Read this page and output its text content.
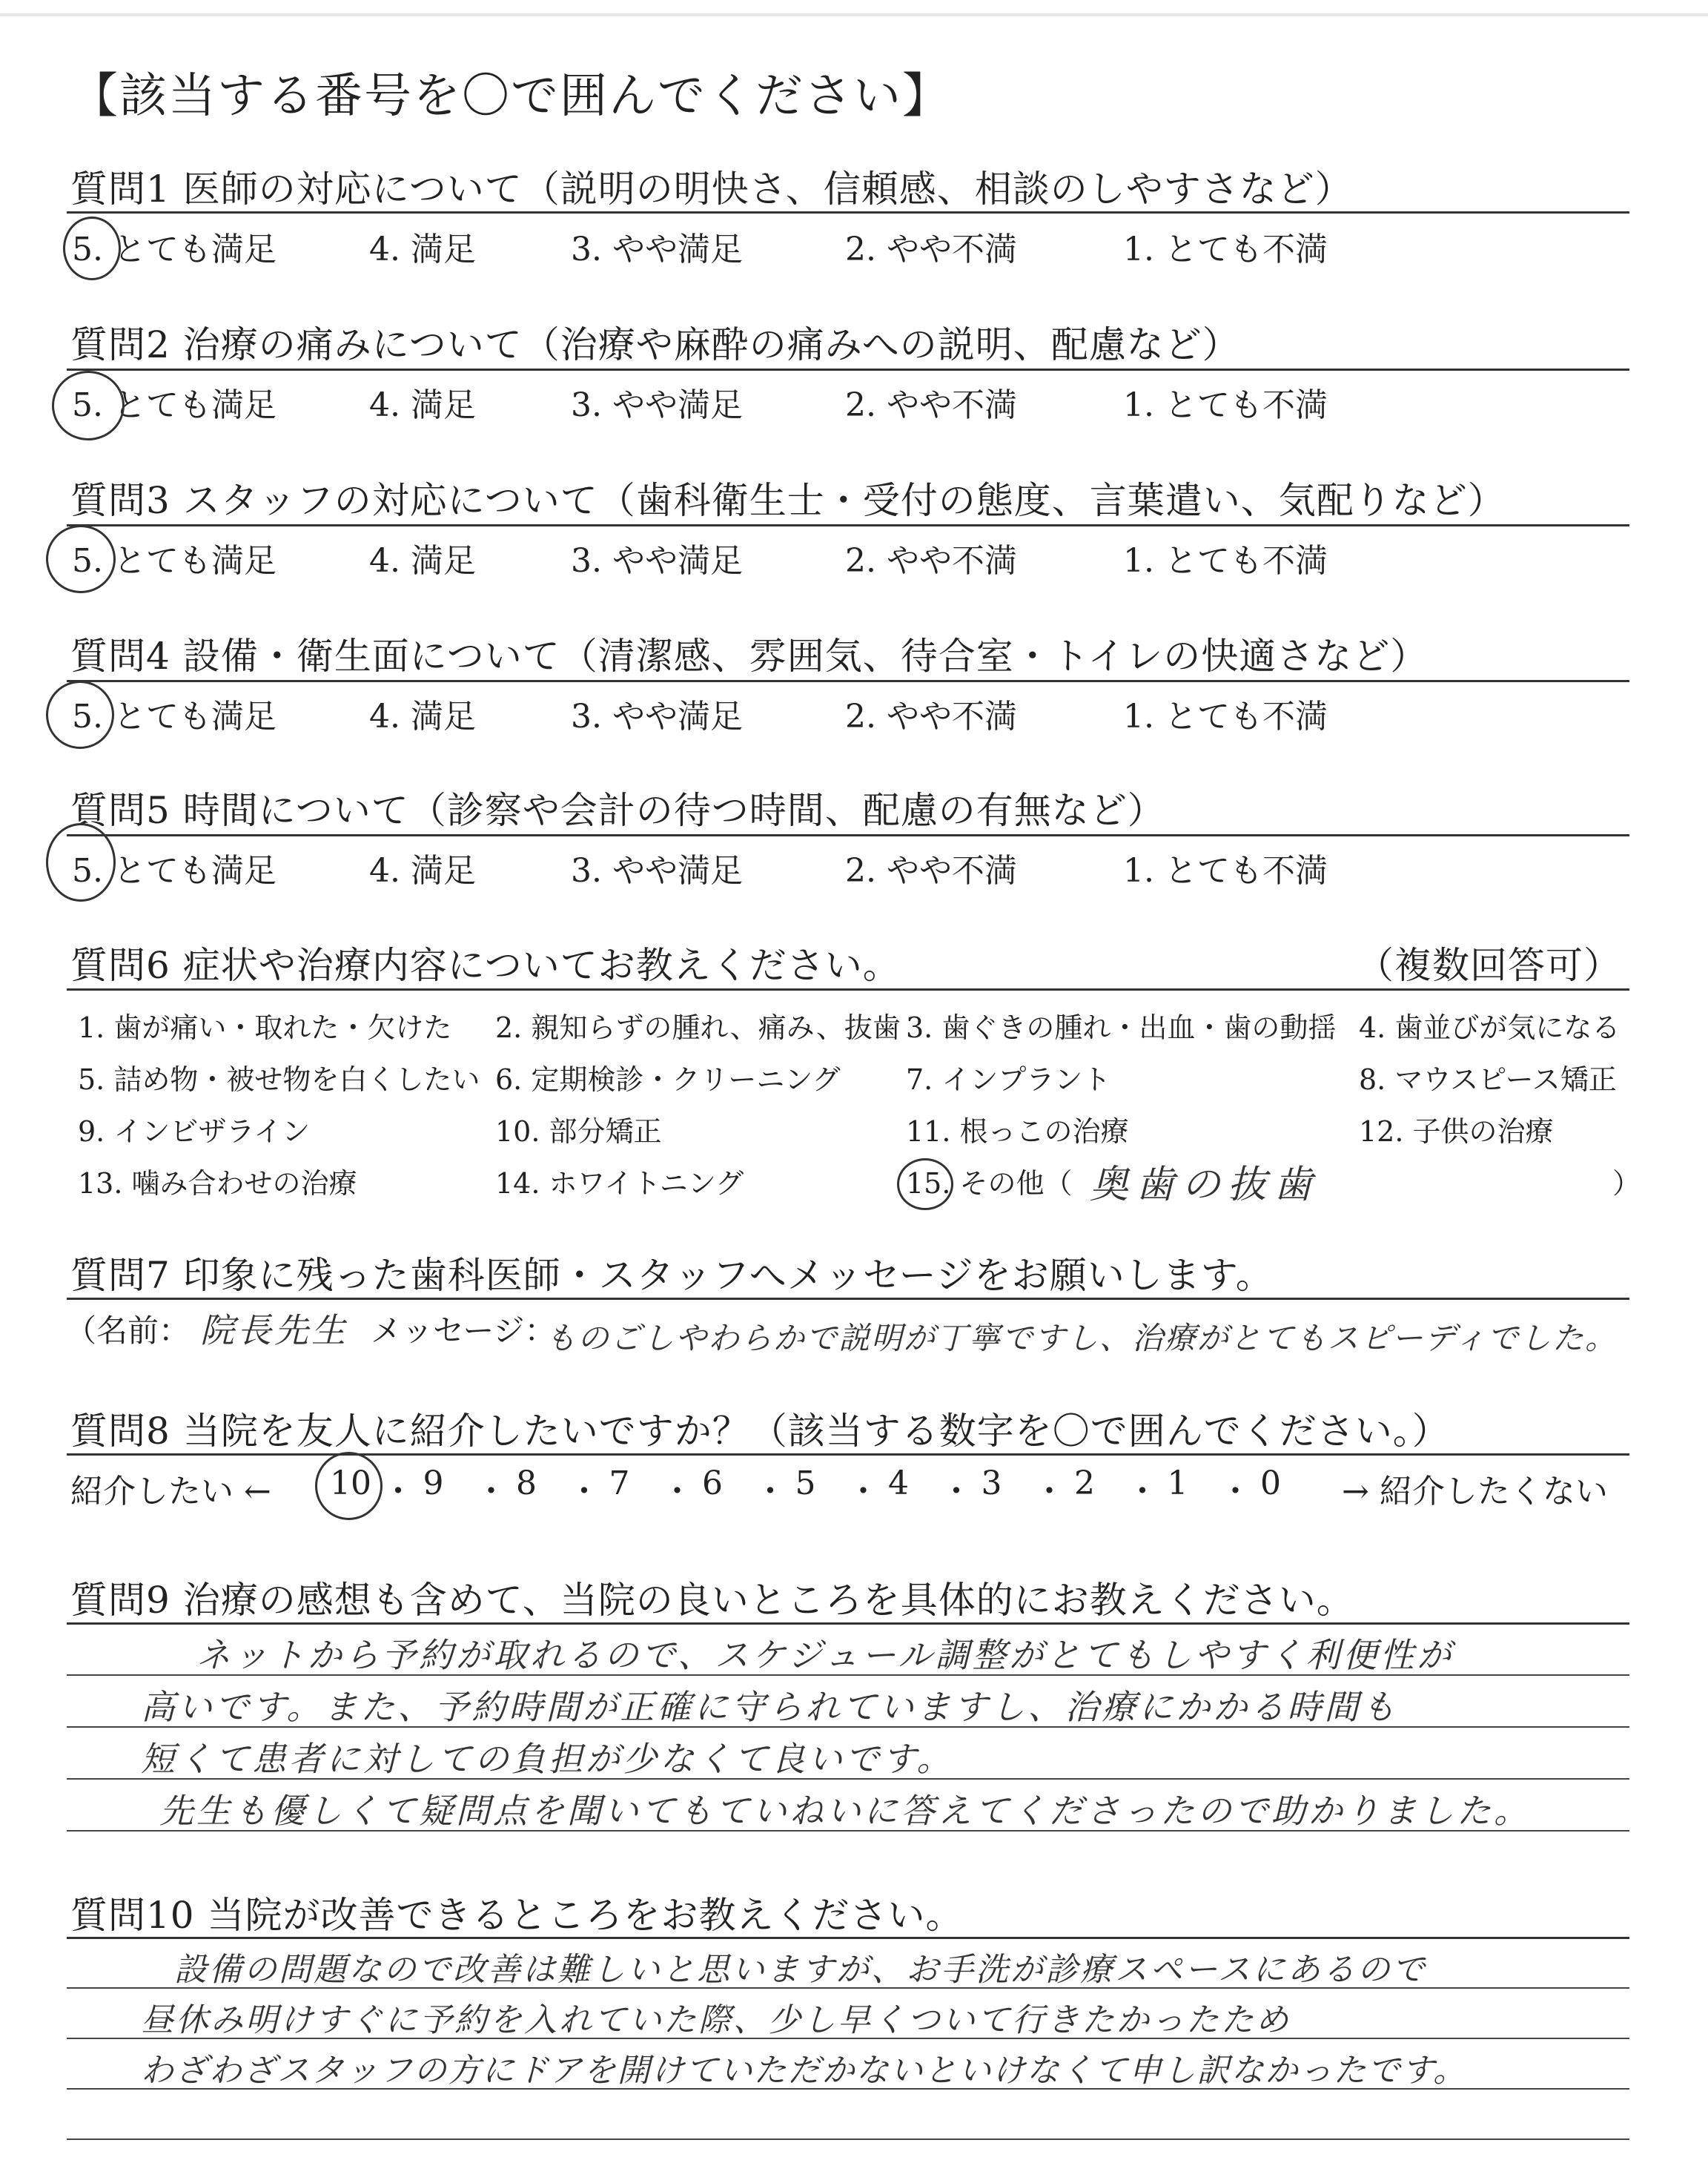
【該当する番号を〇で囲んでください】
質問1 医師の対応について（説明の明快さ、信頼感、相談のしやすさなど）
5. とても満足	4. 満足	3. やや満足	2. やや不満	1. とても不満
質問2 治療の痛みについて（治療や麻酔の痛みへの説明、配慮など）
5. とても満足	4. 満足	3. やや満足	2. やや不満	1. とても不満
質問3 スタッフの対応について（歯科衛生士・受付の態度、言葉遣い、気配りなど）
5. とても満足	4. 満足	3. やや満足	2. やや不満	1. とても不満
質問4 設備・衛生面について（清潔感、雰囲気、待合室・トイレの快適さなど）
5. とても満足	4. 満足	3. やや満足	2. やや不満	1. とても不満
質問5 時間について（診察や会計の待つ時間、配慮の有無など）
5. とても満足	4. 満足	3. やや満足	2. やや不満	1. とても不満
質問6 症状や治療内容についてお教えください。	（複数回答可）
1. 歯が痛い・取れた・欠けた 2. 親知らずの腫れ、痛み、抜歯 3. 歯ぐきの腫れ・出血・歯の動揺 4. 歯並びが気になる
5. 詰め物・被せ物を白くしたい 6. 定期検診・クリーニング 7. インプラント	8. マウスピース矯正
9. インビザライン	10. 部分矯正	11. 根っこの治療	12. 子供の治療
13. 噛み合わせの治療	14. ホワイトニング	15. その他（ 奥歯の抜歯	）
質問7 印象に残った歯科医師・スタッフへメッセージをお願いします。
（名前： 院長先生 メッセージ：
ものごしやわらかで説明が丁寧ですし、治療がとてもスピーディでした。
質問8 当院を友人に紹介したいですか？（該当する数字を〇で囲んでください。）
紹介したい ← 10 ・ 9 ・ 8 ・ 7 ・ 6 ・ 5 ・ 4 ・ 3 ・ 2 ・ 1 ・ 0 → 紹介したくない
質問9 治療の感想も含めて、当院の良いところを具体的にお教えください。
ネットから予約が取れるので、スケジュール調整がとてもしやすく利便性が
高いです。また、予約時間が正確に守られていますし、治療にかかる時間も
短くて患者に対しての負担が少なくて良いです。
先生も優しくて疑問点を聞いてもていねいに答えてくださったので助かりました。
質問10 当院が改善できるところをお教えください。
設備の問題なので改善は難しいと思いますが、お手洗が診療スペースにあるので
昼休み明けすぐに予約を入れていた際、少し早くついて行きたかったため
わざわざスタッフの方にドアを開けていただかないといけなくて申し訳なかったです。
